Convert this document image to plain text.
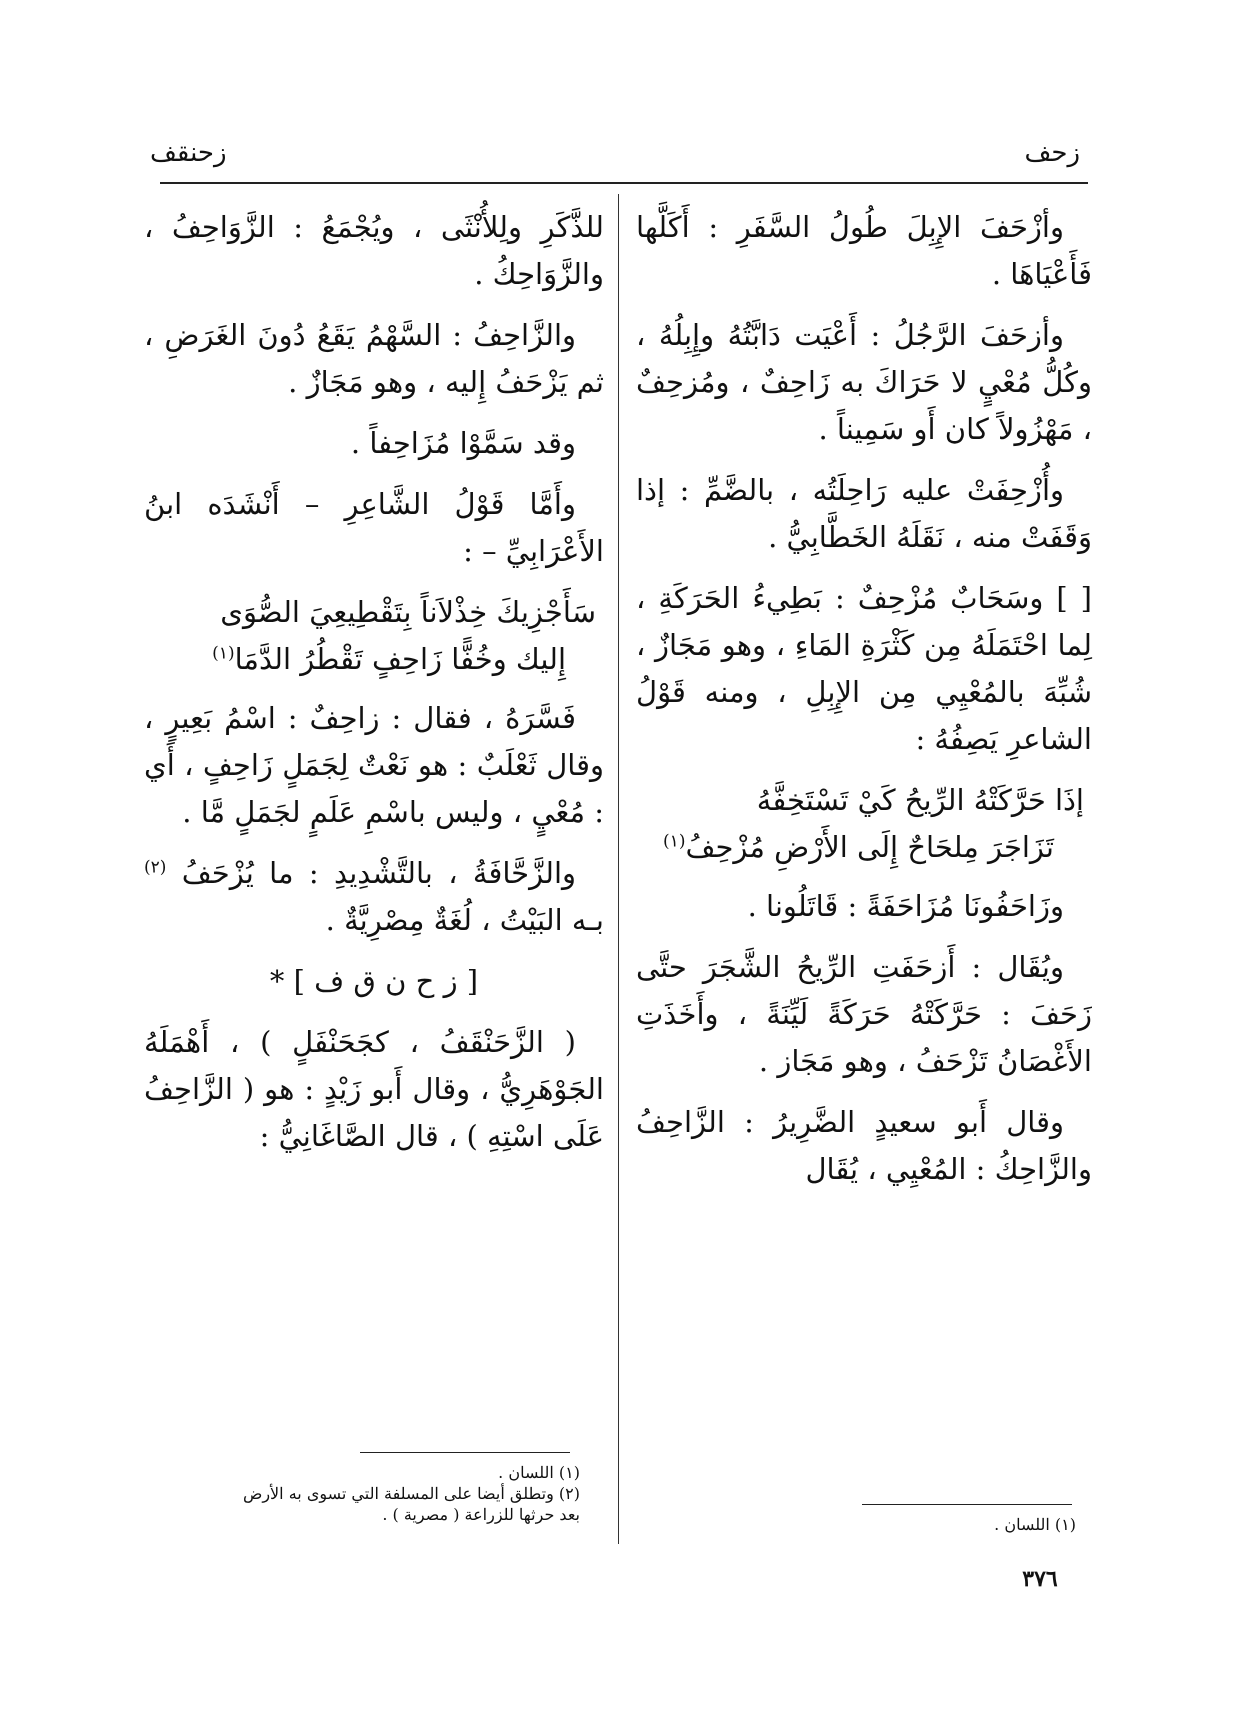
زحف
زحنقف

وأزْحَفَ الإِبِلَ طُولُ السَّفَرِ : أَكَلَّها فَأَعْيَاهَا .

وأزحَفَ الرَّجُلُ : أَعْيَت دَابَّتُهُ وإِبِلُهُ ، وكُلُّ مُعْيٍ لا حَرَاكَ به زَاحِفٌ ، ومُزحِفٌ ، مَهْزُولاً كان أَو سَمِيناً .

وأُزْحِفَتْ عليه رَاحِلَتُه ، بالضَّمِّ : إذا وَقَفَتْ منه ، نَقَلَهُ الخَطَّابِيُّ .

[ ] وسَحَابٌ مُزْحِفٌ : بَطِيءُ الحَرَكَةِ ، لِما احْتَمَلَهُ مِن كَثْرَةِ المَاءِ ، وهو مَجَازٌ ، شُبِّهَ بالمُعْيِي مِن الإِبِلِ ، ومنه قَوْلُ الشاعرِ يَصِفُهُ :

إذَا حَرَّكَتْهُ الرِّيحُ كَيْ تَسْتَخِفَّهُ
تَزَاجَرَ مِلحَاحٌ إِلَى الأَرْضِ مُزْحِفُ$^{(١)}$

وزَاحَفُونَا مُزَاحَفَةً : قَاتَلُونا .

ويُقَال : أَزحَفَتِ الرِّيحُ الشَّجَرَ حتَّى زَحَفَ : حَرَّكَتْهُ حَرَكَةً لَيِّنَةً ، وأَخَذَتِ الأَغْصَانُ تَزْحَفُ ، وهو مَجَاز .

وقال أَبو سعيدٍ الضَّرِيرُ : الزَّاحِفُ والزَّاحِكُ : المُعْيِي ، يُقَال

(١) اللسان .

للذَّكَرِ ولِلأُنْثَى ، ويُجْمَعُ : الزَّوَاحِفُ ، والزَّوَاحِكُ .

والزَّاحِفُ : السَّهْمُ يَقَعُ دُونَ الغَرَضِ ، ثم يَزْحَفُ إِليه ، وهو مَجَازٌ .

وقد سَمَّوْا مُزَاحِفاً .

وأَمَّا قَوْلُ الشَّاعِرِ – أَنْشَدَه ابنُ الأَعْرَابِيِّ – :

سَأَجْزِيكَ خِذْلاَناً بِتَقْطِيعِيَ الصُّوَى
إِليك وخُفًّا زَاحِفٍ تَقْطُرُ الدَّمَا$^{(١)}$

فَسَّرَهُ ، فقال : زاحِفٌ : اسْمُ بَعِيرٍ ، وقال ثَعْلَبٌ : هو نَعْتٌ لِجَمَلٍ زَاحِفٍ ، أَي : مُعْيٍ ، وليس باسْمِ عَلَمٍ لجَمَلٍ مَّا .

والزَّحَّافَةُ ، بالتَّشْدِيدِ : ما يُزْحَفُ $^{(٢)}$ بـه البَيْتُ ، لُغَةٌ مِصْرِيَّةٌ .

[ ز ح ن ق ف ] *

( الزَّحَنْقَفُ ، كجَحَنْفَلٍ ) ، أَهْمَلَهُ الجَوْهَرِيُّ ، وقال أَبو زَيْدٍ : هو ( الزَّاحِفُ عَلَى اسْتِهِ ) ، قال الصَّاغَانِيُّ :

(١) اللسان .
(٢) وتطلق أيضا على المسلفة التي تسوى به الأرض بعد حرثها للزراعة ( مصرية ) .
٣٧٦
